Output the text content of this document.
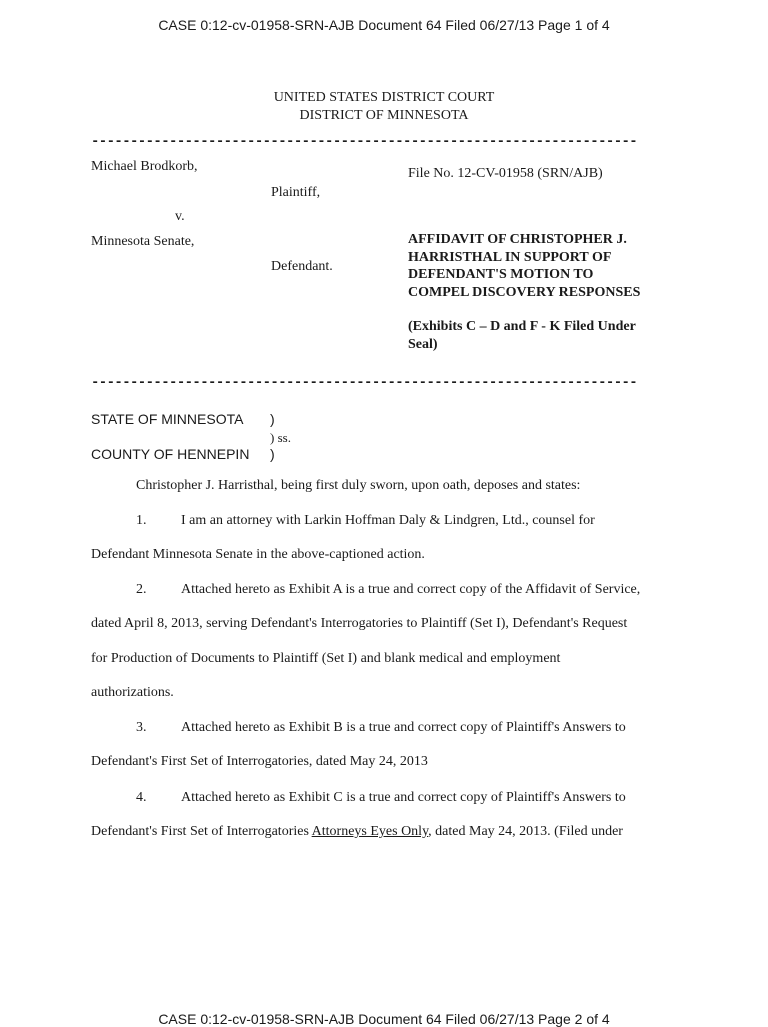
CASE 0:12-cv-01958-SRN-AJB Document 64 Filed 06/27/13 Page 1 of 4
UNITED STATES DISTRICT COURT
DISTRICT OF MINNESOTA
----------------------------------------------------------------------
Michael Brodkorb,
Plaintiff,
v.
Minnesota Senate,
Defendant.
File No. 12-CV-01958 (SRN/AJB)
AFFIDAVIT OF CHRISTOPHER J.
HARRISTHAL IN SUPPORT OF
DEFENDANT'S MOTION TO
COMPEL DISCOVERY RESPONSES
(Exhibits C – D and F - K Filed Under
Seal)
----------------------------------------------------------------------
STATE OF MINNESOTA )
) ss.
COUNTY OF HENNEPIN )
Christopher J. Harristhal, being first duly sworn, upon oath, deposes and states:
1. I am an attorney with Larkin Hoffman Daly & Lindgren, Ltd., counsel for
Defendant Minnesota Senate in the above-captioned action.
2. Attached hereto as Exhibit A is a true and correct copy of the Affidavit of Service,
dated April 8, 2013, serving Defendant's Interrogatories to Plaintiff (Set I), Defendant's Request
for Production of Documents to Plaintiff (Set I) and blank medical and employment
authorizations.
3. Attached hereto as Exhibit B is a true and correct copy of Plaintiff's Answers to
Defendant's First Set of Interrogatories, dated May 24, 2013
4. Attached hereto as Exhibit C is a true and correct copy of Plaintiff's Answers to
Defendant's First Set of Interrogatories Attorneys Eyes Only, dated May 24, 2013. (Filed under
CASE 0:12-cv-01958-SRN-AJB Document 64 Filed 06/27/13 Page 2 of 4
